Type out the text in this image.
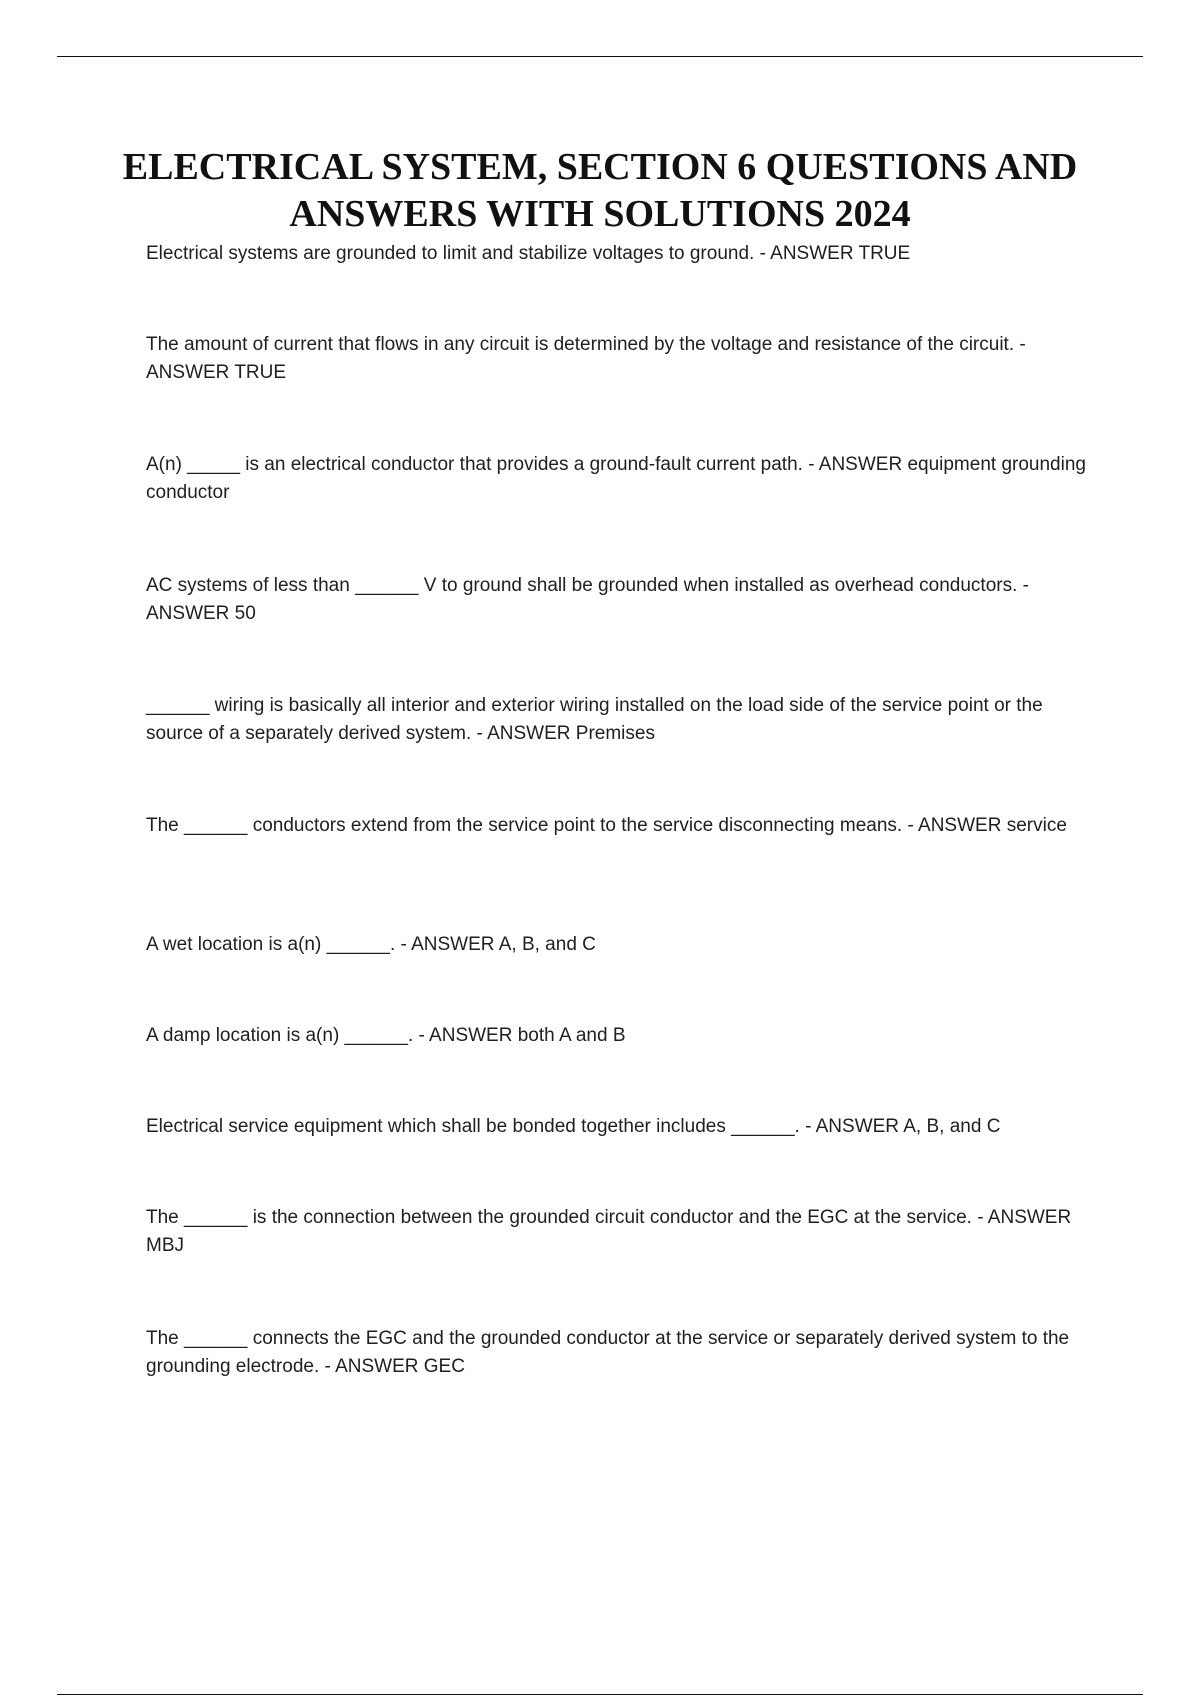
ELECTRICAL SYSTEM, SECTION 6 QUESTIONS AND ANSWERS WITH SOLUTIONS 2024

Electrical systems are grounded to limit and stabilize voltages to ground. - ANSWER TRUE

The amount of current that flows in any circuit is determined by the voltage and resistance of the circuit. - ANSWER TRUE

A(n) _____ is an electrical conductor that provides a ground-fault current path. - ANSWER equipment grounding conductor

AC systems of less than ______ V to ground shall be grounded when installed as overhead conductors. - ANSWER 50

______ wiring is basically all interior and exterior wiring installed on the load side of the service point or the source of a separately derived system. - ANSWER Premises

The ______ conductors extend from the service point to the service disconnecting means. - ANSWER service

A wet location is a(n) ______. - ANSWER A, B, and C

A damp location is a(n) ______. - ANSWER both A and B

Electrical service equipment which shall be bonded together includes ______. - ANSWER A, B, and C

The ______ is the connection between the grounded circuit conductor and the EGC at the service. - ANSWER MBJ

The ______ connects the EGC and the grounded conductor at the service or separately derived system to the grounding electrode. - ANSWER GEC
